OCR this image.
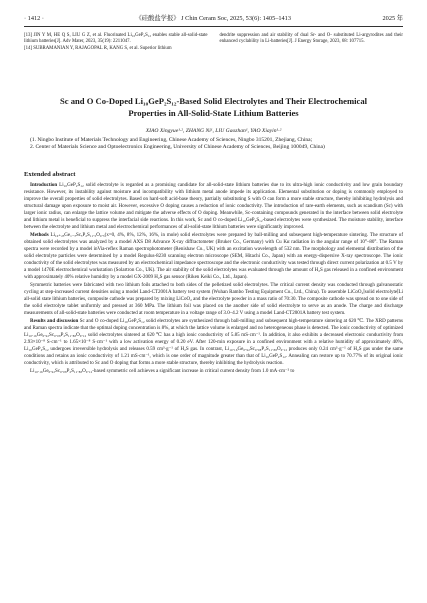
· 1412 ·	《硅酸盐学报》 J Chin Ceram Soc, 2025, 53(6): 1405–1413	2025 年

[13] JIN Y M, HE Q S, LIU G Z, et al. Fluorinated Li₁₀GeP₂S₁₂ enables stable all-solid-state lithium batteries[J]. Adv Mater, 2023, 35(19): 2211047.

[14] SUBRAMANIAN Y, RAJAGOPAL R, KANG S, et al. Superior lithium

dendrite suppression and air stability of dual Sr- and O- substituted Li-argyrodites and their enhanced cyclability in Li-batteries[J]. J Energy Storage, 2023, 68: 107715.

Sc and O Co-Doped Li₁₀GeP₂S₁₂-Based Solid Electrolytes and Their Electrochemical Properties in All-Solid-State Lithium Batteries
XIAO Xingyue¹·², ZHANG Ni¹, LIU Gaozhan¹, YAO Xiayin¹·²
(1. Ningbo Institute of Materials Technology and Engineering, Chinese Academy of Sciences, Ningbo 315201, Zhejiang, China;
2. Center of Materials Science and Optoelectronics Engineering, University of Chinese Academy of Sciences, Beijing 100049, China)
Extended abstract

Introduction Li₁₀GeP₂S₁₂ solid electrolyte is regarded as a promising candidate for all-solid-state lithium batteries due to its ultra-high ionic conductivity and low grain boundary resistance. However, its instability against moisture and incompatibility with lithium metal anode impede its application. Elemental substitution or doping is commonly employed to improve the overall properties of solid electrolytes. Based on hard-soft acid-base theory, partially substituting S with O can form a more stable structure, thereby inhibiting hydrolysis and structural damage upon exposure to moist air. However, excessive O doping causes a reduction of ionic conductivity. The introduction of rare-earth elements, such as scandium (Sc) with larger ionic radius, can enlarge the lattice volume and mitigate the adverse effects of O doping. Meanwhile, Sc-containing compounds generated in the interface between solid electrolyte and lithium metal is beneficial to suppress the interfacial side reactions. In this work, Sc and O co-doped Li₁₀GeP₂S₁₂-based electrolytes were synthesized. The moisture stability, interface between the electrolyte and lithium metal and electrochemical performances of all-solid-state lithium batteries were significantly improved.

Methods Li₁₀₊₂ₓGe₁₋ₓScₓP₂S₁₁.₅O₀.₅(x=0, 4%, 8%, 12%, 16%, in mole) solid electrolytes were prepared by ball-milling and subsequent high-temperature sintering. The structure of obtained solid electrolytes was analyzed by a model AXS D8 Advance X-ray diffractometer (Bruker Co., Germany) with Cu Kα radiation in the angular range of 10°–80°. The Raman spectra were recorded by a model inVia-reflex Raman spectrophotometer (Renishaw Co., UK) with an excitation wavelength of 532 nm. The morphology and elemental distribution of the solid electrolyte particles were determined by a model Regulus-8230 scanning electron microscope (SEM, Hitachi Co., Japan) with an energy-dispersive X-ray spectroscope. The ionic conductivity of the solid electrolytes was measured by an electrochemical impedance spectroscope and the electronic conductivity was tested through direct current polarization at 0.5 V by a model 1470E electrochemical workstation (Solartron Co., UK). The air stability of the solid electrolytes was evaluated through the amount of H₂S gas released in a confined environment with approximately 40% relative humidity by a model GX-2009 H₂S gas sensor (Riken Keiki Co., Ltd., Japan).

Symmetric batteries were fabricated with two lithium foils attached to both sides of the pelletized solid electrolytes. The critical current density was conducted through galvanostatic cycling at step-increased current densities using a model Land-CT2001A battery test system (Wuhan Rambo Testing Equipment Co., Ltd., China). To assemble LiCoO₂∣solid electrolyte∣Li all-solid state lithium batteries, composite cathode was prepared by mixing LiCoO₂ and the electrolyte powder in a mass ratio of 70:30. The composite cathode was spread on to one side of the solid electrolyte tablet uniformly and pressed at 360 MPa. The lithium foil was placed on the another side of solid electrolyte to serve as an anode. The charge and discharge measurements of all-solid-state batteries were conducted at room temperature in a voltage range of 3.0–4.2 V using a model Land-CT2001A battery test system.

Results and discussion Sc and O co-doped Li₁₀GeP₂S₁₂ solid electrolytes are synthesized through ball-milling and subsequent high-temperature sintering at 620 ℃. The XRD patterns and Raman spectra indicate that the optimal doping concentration is 8%, at which the lattice volume is enlarged and no heterogeneous phase is detected. The ionic conductivity of optimized Li₁₀.₁₆Ge₀.₉₂Sc₀.₀₈P₂S₁₁.₈₈O₀.₁₂ solid electrolytes sintered at 620 ℃ has a high ionic conductivity of 5.85 mS·cm⁻¹. In addition, it also exhibits a decreased electronic conductivity from 2.93×10⁻⁸ S·cm⁻¹ to 1.65×10⁻⁸ S·cm⁻¹ with a low activation energy of 0.20 eV. After 120-min exposure in a confined environment with a relative humidity of approximately 40%, Li₁₀GeP₂S₁₂ undergoes irreversible hydrolysis and releases 0.59 cm³·g⁻¹ of H₂S gas. In contrast, Li₁₀.₁₆Ge₀.₉₂Sc₀.₀₈P₂S₁₁.₈₈O₀.₁₂ produces only 0.24 cm³·g⁻¹ of H₂S gas under the same conditions and retains an ionic conductivity of 1.21 mS·cm⁻¹, which is one order of magnitude greater than that of Li₁₀GeP₂S₁₂. Annealing can restore up to 70.77% of its original ionic conductivity, which is attributed to Sc and O doping that forms a more stable structure, thereby inhibiting the hydrolysis reaction.

Li₁₀.₁₆Ge₀.₉₂Sc₀.₀₈P₂S₁₁.₈₈O₀.₁₂-based symmetric cell achieves a significant increase in critical current density from 1.0 mA·cm⁻² to
